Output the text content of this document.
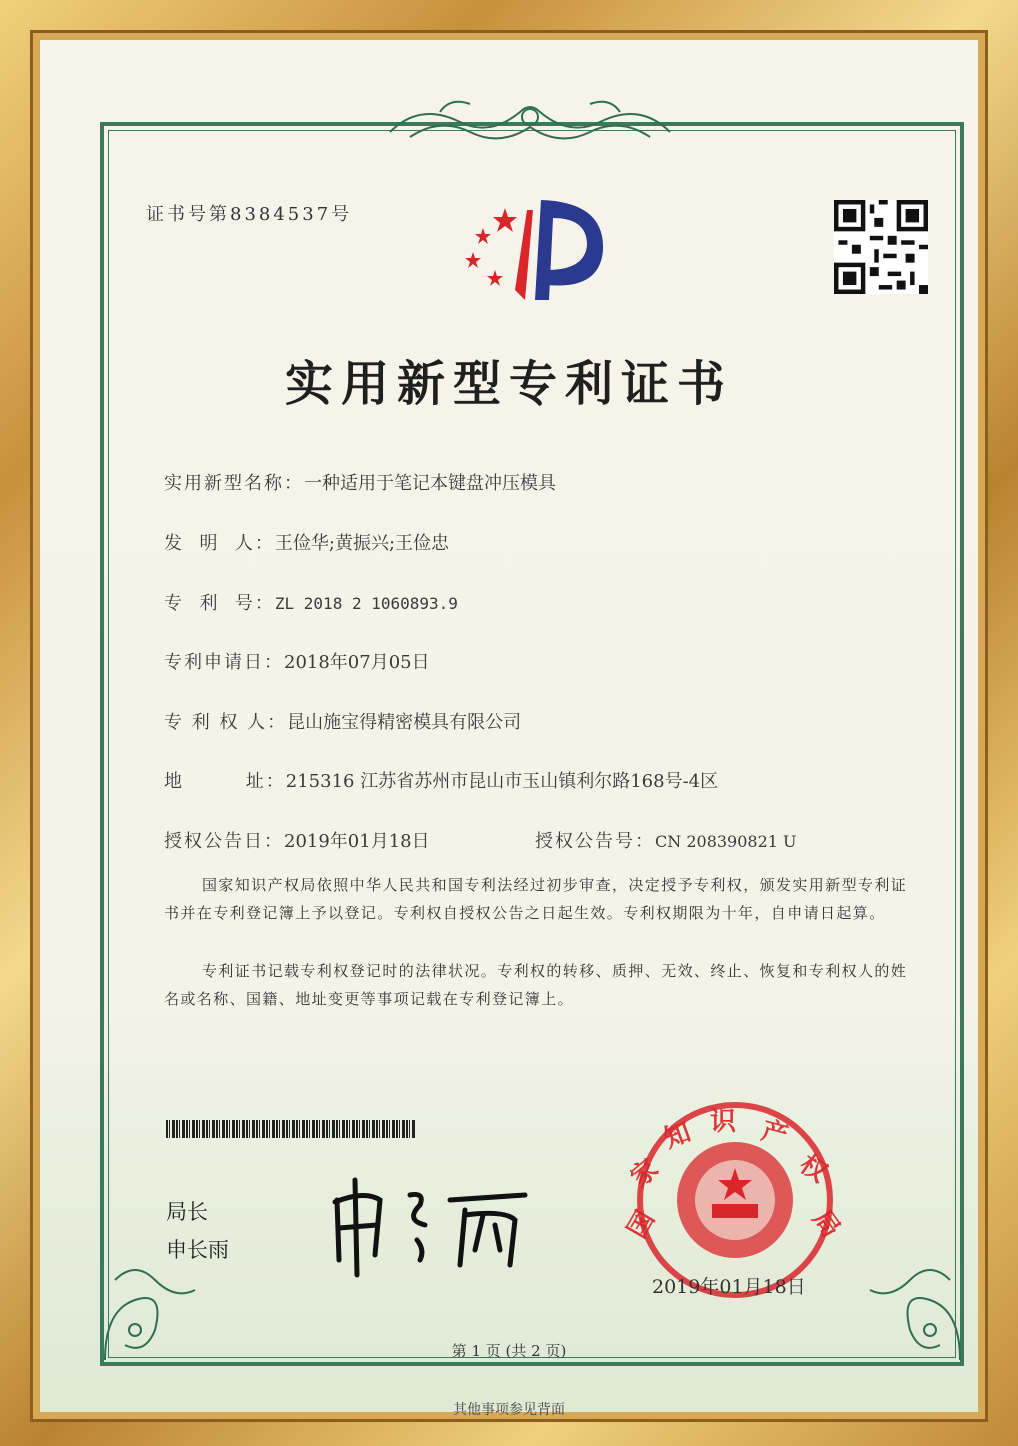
证书号第8384537号
实用新型专利证书
实用新型名称：一种适用于笔记本键盘冲压模具
发  明  人：王俭华;黄振兴;王俭忠
专  利  号：ZL 2018 2 1060893.9
专利申请日：2018年07月05日
专 利 权 人：昆山施宝得精密模具有限公司
地        址：215316 江苏省苏州市昆山市玉山镇利尔路168号-4区
授权公告日：2019年01月18日	授权公告号：CN 208390821 U
国家知识产权局依照中华人民共和国专利法经过初步审查，决定授予专利权，颁发实用新型专利证书并在专利登记簿上予以登记。专利权自授权公告之日起生效。专利权期限为十年，自申请日起算。
专利证书记载专利权登记时的法律状况。专利权的转移、质押、无效、终止、恢复和专利权人的姓名或名称、国籍、地址变更等事项记载在专利登记簿上。
局长
申长雨
国
家
知 识 产
权
局
2019年01月18日
第 1 页 (共 2 页)
其他事项参见背面
